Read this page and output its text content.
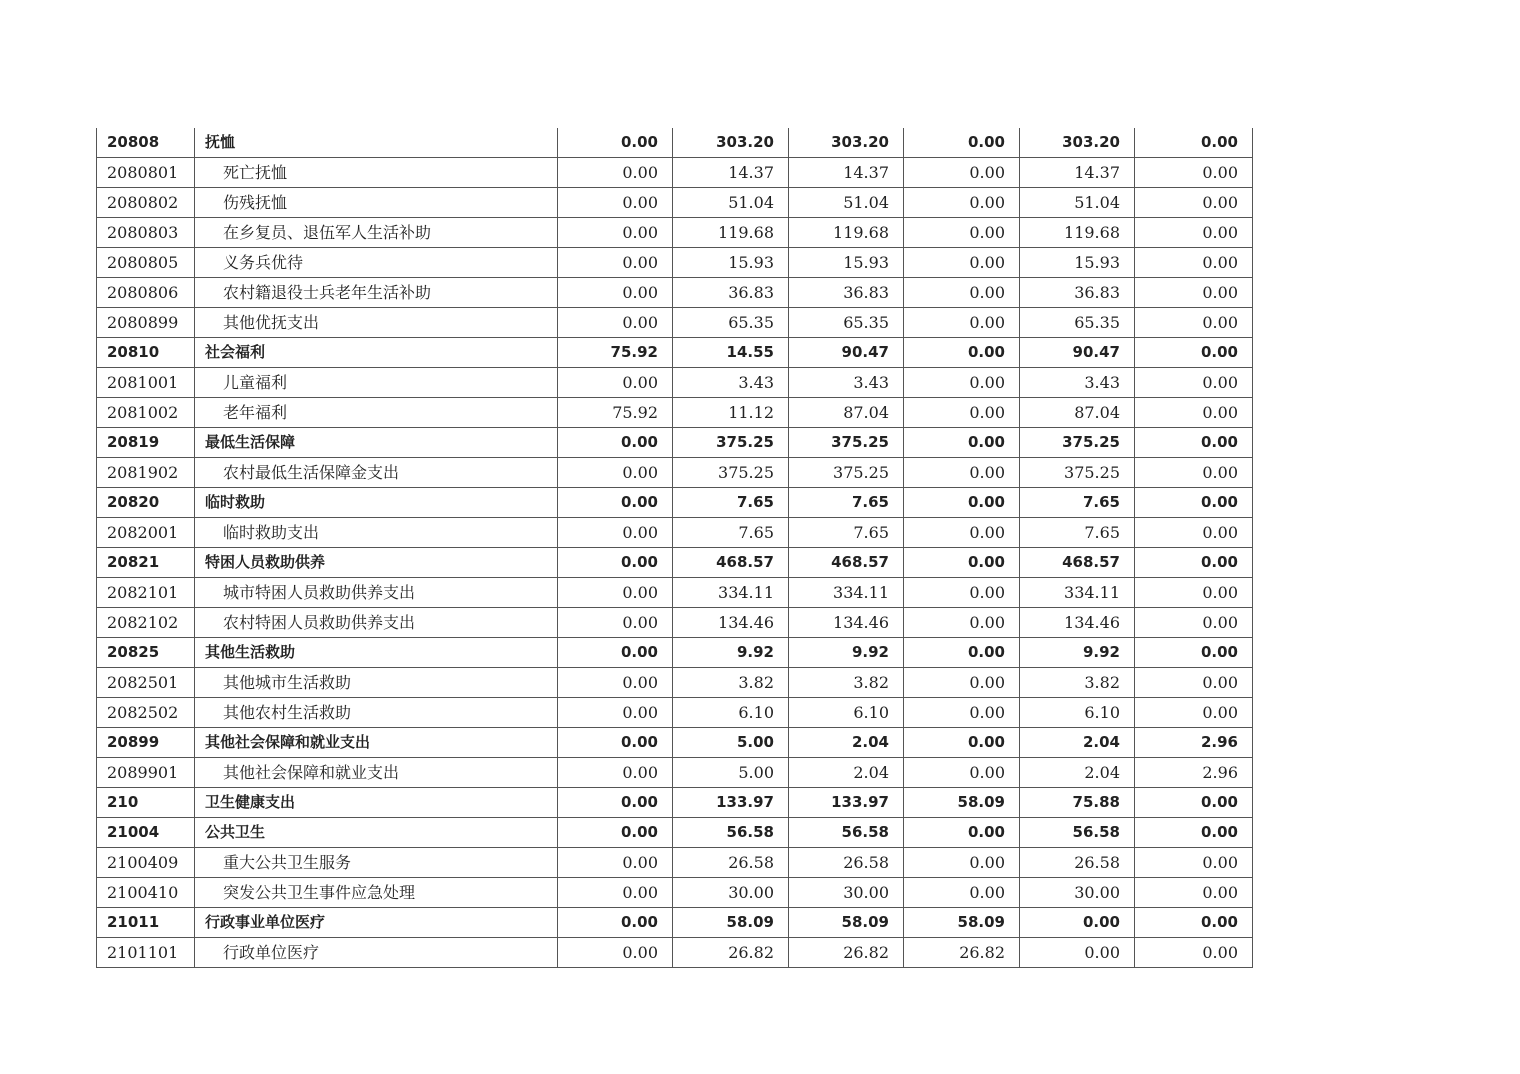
20808	抚恤	0.00	303.20	303.20	0.00	303.20	0.00
2080801	死亡抚恤	0.00	14.37	14.37	0.00	14.37	0.00
2080802	伤残抚恤	0.00	51.04	51.04	0.00	51.04	0.00
2080803	在乡复员、退伍军人生活补助	0.00	119.68	119.68	0.00	119.68	0.00
2080805	义务兵优待	0.00	15.93	15.93	0.00	15.93	0.00
2080806	农村籍退役士兵老年生活补助	0.00	36.83	36.83	0.00	36.83	0.00
2080899	其他优抚支出	0.00	65.35	65.35	0.00	65.35	0.00
20810	社会福利	75.92	14.55	90.47	0.00	90.47	0.00
2081001	儿童福利	0.00	3.43	3.43	0.00	3.43	0.00
2081002	老年福利	75.92	11.12	87.04	0.00	87.04	0.00
20819	最低生活保障	0.00	375.25	375.25	0.00	375.25	0.00
2081902	农村最低生活保障金支出	0.00	375.25	375.25	0.00	375.25	0.00
20820	临时救助	0.00	7.65	7.65	0.00	7.65	0.00
2082001	临时救助支出	0.00	7.65	7.65	0.00	7.65	0.00
20821	特困人员救助供养	0.00	468.57	468.57	0.00	468.57	0.00
2082101	城市特困人员救助供养支出	0.00	334.11	334.11	0.00	334.11	0.00
2082102	农村特困人员救助供养支出	0.00	134.46	134.46	0.00	134.46	0.00
20825	其他生活救助	0.00	9.92	9.92	0.00	9.92	0.00
2082501	其他城市生活救助	0.00	3.82	3.82	0.00	3.82	0.00
2082502	其他农村生活救助	0.00	6.10	6.10	0.00	6.10	0.00
20899	其他社会保障和就业支出	0.00	5.00	2.04	0.00	2.04	2.96
2089901	其他社会保障和就业支出	0.00	5.00	2.04	0.00	2.04	2.96
210	卫生健康支出	0.00	133.97	133.97	58.09	75.88	0.00
21004	公共卫生	0.00	56.58	56.58	0.00	56.58	0.00
2100409	重大公共卫生服务	0.00	26.58	26.58	0.00	26.58	0.00
2100410	突发公共卫生事件应急处理	0.00	30.00	30.00	0.00	30.00	0.00
21011	行政事业单位医疗	0.00	58.09	58.09	58.09	0.00	0.00
2101101	行政单位医疗	0.00	26.82	26.82	26.82	0.00	0.00
